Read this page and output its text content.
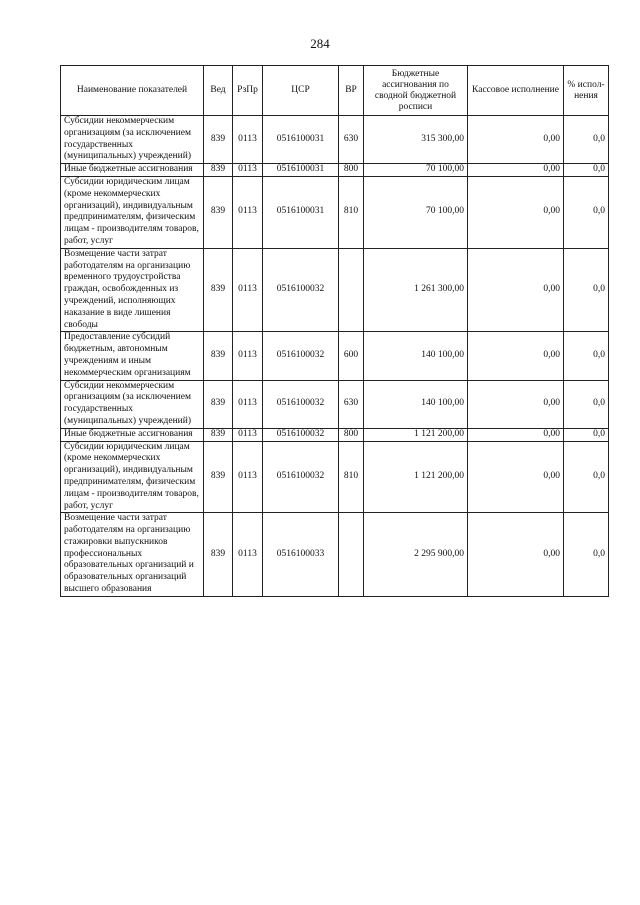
284
Наименование показателей	Вед	РзПр	ЦСР	ВР	Бюджетные ассигнования по сводной бюджетной росписи	Кассовое исполнение	% испол-нения
Субсидии некоммерческим организациям (за исключением государственных (муниципальных) учреждений)	839	0113	0516100031	630	315 300,00	0,00	0,0
Иные бюджетные ассигнования	839	0113	0516100031	800	70 100,00	0,00	0,0
Субсидии юридическим лицам (кроме некоммерческих организаций), индивидуальным предпринимателям, физическим лицам - производителям товаров, работ, услуг	839	0113	0516100031	810	70 100,00	0,00	0,0
Возмещение части затрат работодателям на организацию временного трудоустройства граждан, освобожденных из учреждений, исполняющих наказание в виде лишения свободы	839	0113	0516100032		1 261 300,00	0,00	0,0
Предоставление субсидий бюджетным, автономным учреждениям и иным некоммерческим организациям	839	0113	0516100032	600	140 100,00	0,00	0,0
Субсидии некоммерческим организациям (за исключением государственных (муниципальных) учреждений)	839	0113	0516100032	630	140 100,00	0,00	0,0
Иные бюджетные ассигнования	839	0113	0516100032	800	1 121 200,00	0,00	0,0
Субсидии юридическим лицам (кроме некоммерческих организаций), индивидуальным предпринимателям, физическим лицам - производителям товаров, работ, услуг	839	0113	0516100032	810	1 121 200,00	0,00	0,0
Возмещение части затрат работодателям на организацию стажировки выпускников профессиональных образовательных организаций и образовательных организаций высшего образования	839	0113	0516100033		2 295 900,00	0,00	0,0
